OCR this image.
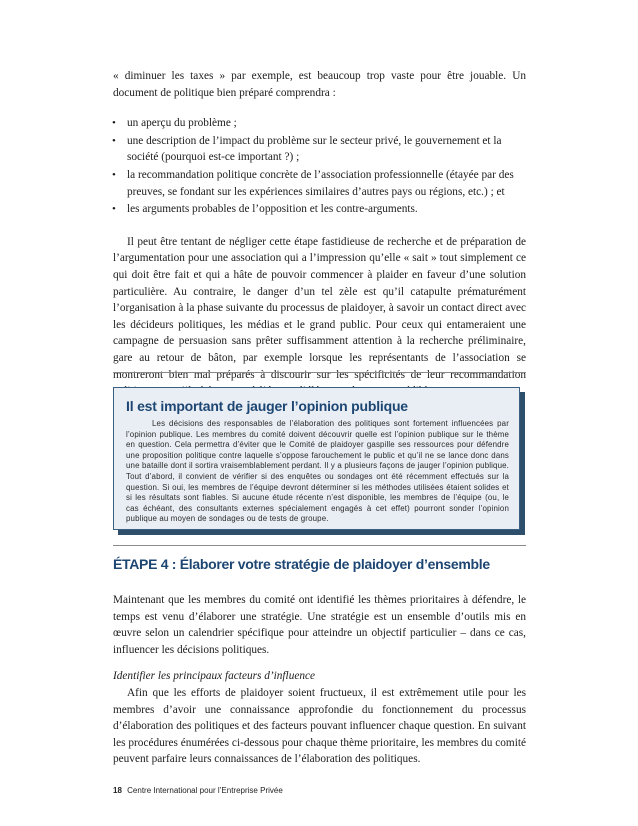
« diminuer les taxes » par exemple, est beaucoup trop vaste pour être jouable. Un document de politique bien préparé comprendra :

• un aperçu du problème ;
• une description de l’impact du problème sur le secteur privé, le gouvernement et la société (pourquoi est-ce important ?) ;
• la recommandation politique concrète de l’association professionnelle (étayée par des preuves, se fondant sur les expériences similaires d’autres pays ou régions, etc.) ; et
• les arguments probables de l’opposition et les contre-arguments.

Il peut être tentant de négliger cette étape fastidieuse de recherche et de préparation de l’argumentation pour une association qui a l’impression qu’elle « sait » tout simplement ce qui doit être fait et qui a hâte de pouvoir commencer à plaider en faveur d’une solution particulière. Au contraire, le danger d’un tel zèle est qu’il catapulte prématurément l’organisation à la phase suivante du processus de plaidoyer, à savoir un contact direct avec les décideurs politiques, les médias et le grand public. Pour ceux qui entameraient une campagne de persuasion sans prêter suffisamment attention à la recherche préliminaire, gare au retour de bâton, par exemple lorsque les représentants de l’association se montreront bien mal préparés à discourir sur les spécificités de leur recommandation

Il est important de jauger l’opinion publique
Les décisions des responsables de l’élaboration des politiques sont fortement influencées par l’opinion publique. Les membres du comité doivent découvrir quelle est l’opinion publique sur le thème en question. Cela permettra d’éviter que le Comité de plaidoyer gaspille ses ressources pour défendre une proposition politique contre laquelle s’oppose farouchement le public et qu’il ne se lance donc dans une bataille dont il sortira vraisemblablement perdant. Il y a plusieurs façons de jauger l’opinion publique. Tout d’abord, il convient de vérifier si des enquêtes ou sondages ont été récemment effectués sur la question. Si oui, les membres de l’équipe devront déterminer si les méthodes utilisées étaient solides et si les résultats sont fiables. Si aucune étude récente n’est disponible, les membres de l’équipe (ou, le cas échéant, des consultants externes spécialement engagés à cet effet) pourront sonder l’opinion publique au moyen de sondages ou de tests de groupe.
ÉTAPE 4 : Élaborer votre stratégie de plaidoyer d’ensemble

Maintenant que les membres du comité ont identifié les thèmes prioritaires à défendre, le temps est venu d’élaborer une stratégie. Une stratégie est un ensemble d’outils mis en œuvre selon un calendrier spécifique pour atteindre un objectif particulier – dans ce cas, influencer les décisions politiques.

Identifier les principaux facteurs d’influence

Afin que les efforts de plaidoyer soient fructueux, il est extrêmement utile pour les membres d’avoir une connaissance approfondie du fonctionnement du processus d’élaboration des politiques et des facteurs pouvant influencer chaque question. En suivant les procédures énumérées ci-dessous pour chaque thème prioritaire, les membres du comité peuvent parfaire leurs connaissances de l’élaboration des politiques.

18 Centre International pour l’Entreprise Privée
